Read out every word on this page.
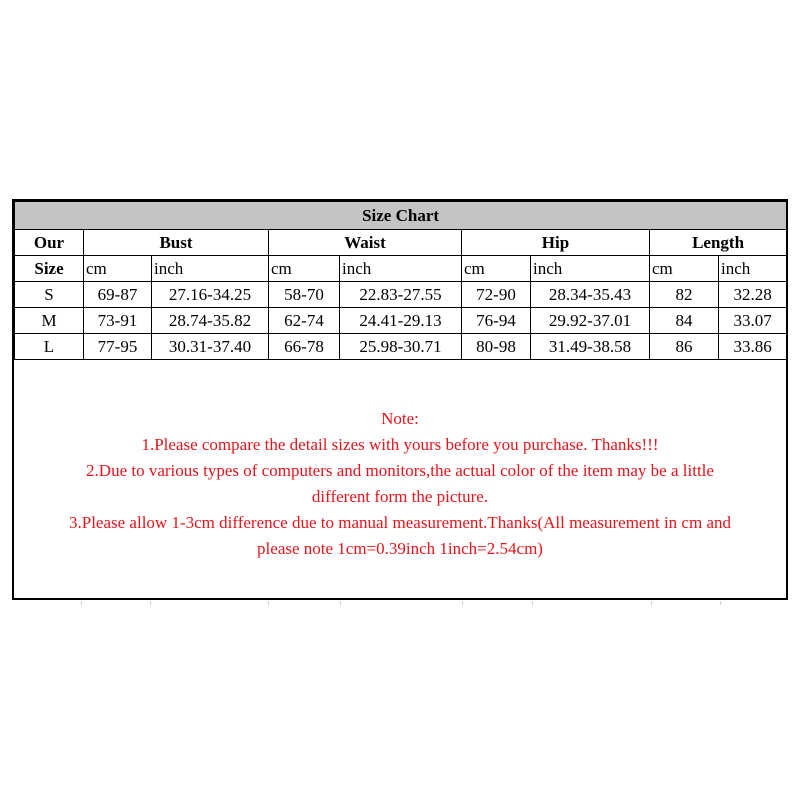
Size Chart								
Our	Bust		Waist		Hip		Length	
Size	cm	inch	cm	inch	cm	inch	cm	inch
S	69-87	27.16-34.25	58-70	22.83-27.55	72-90	28.34-35.43	82	32.28
M	73-91	28.74-35.82	62-74	24.41-29.13	76-94	29.92-37.01	84	33.07
L	77-95	30.31-37.40	66-78	25.98-30.71	80-98	31.49-38.58	86	33.86
Note:
1.Please compare the detail sizes with yours before you purchase. Thanks!!!
2.Due to various types of computers and monitors,the actual color of the item may be a little
different form the picture.
3.Please allow 1-3cm difference due to manual measurement.Thanks(All measurement in cm and
please note 1cm=0.39inch 1inch=2.54cm)
